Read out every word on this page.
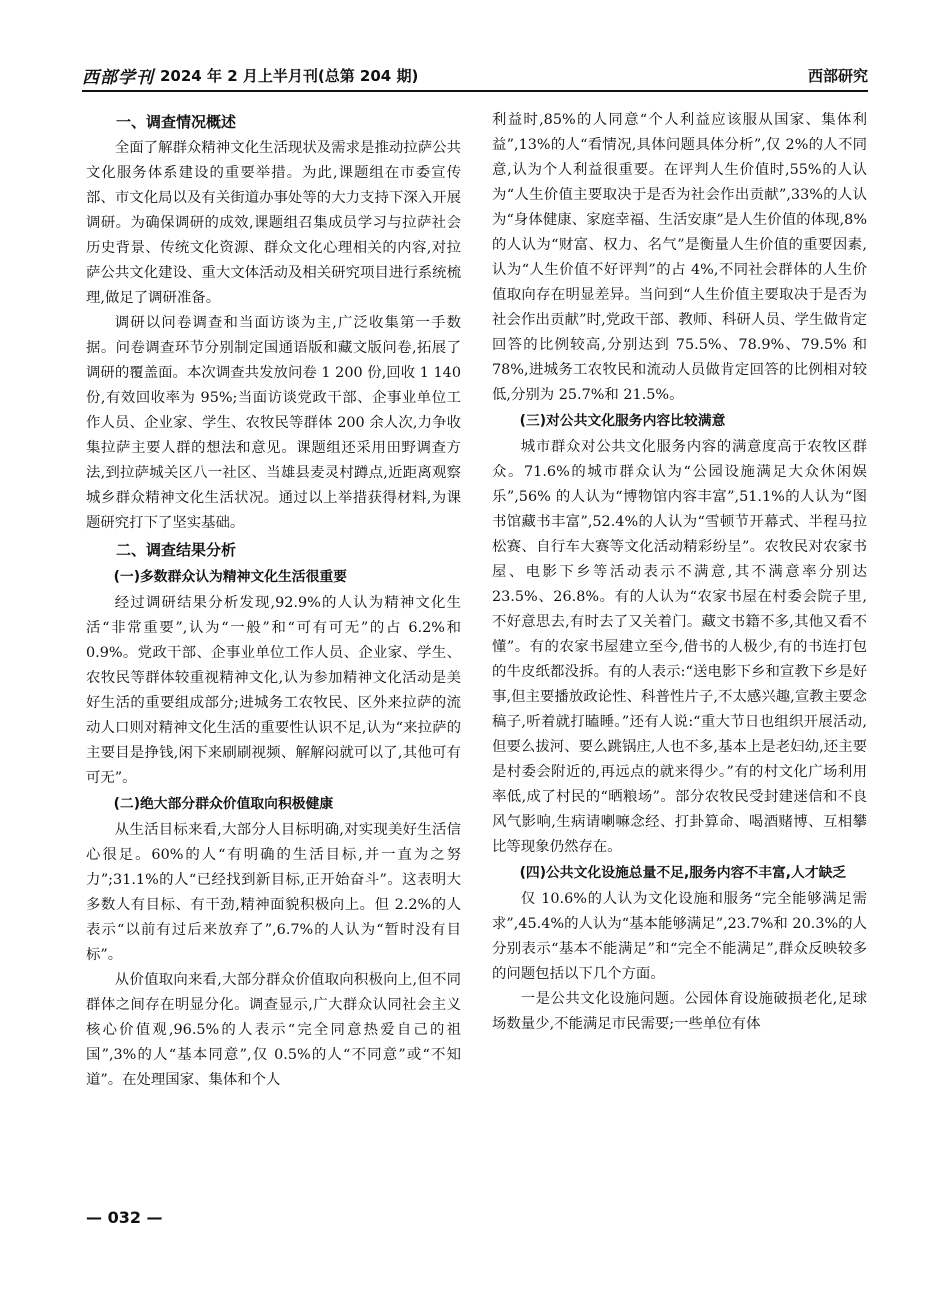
西部学刊 2024 年 2 月上半月刊(总第 204 期)	西部研究
一、调查情况概述

全面了解群众精神文化生活现状及需求是推动拉萨公共文化服务体系建设的重要举措。为此,课题组在市委宣传部、市文化局以及有关街道办事处等的大力支持下深入开展调研。为确保调研的成效,课题组召集成员学习与拉萨社会历史背景、传统文化资源、群众文化心理相关的内容,对拉萨公共文化建设、重大文体活动及相关研究项目进行系统梳理,做足了调研准备。

调研以问卷调查和当面访谈为主,广泛收集第一手数据。问卷调查环节分别制定国通语版和藏文版问卷,拓展了调研的覆盖面。本次调查共发放问卷 1 200 份,回收 1 140 份,有效回收率为 95%;当面访谈党政干部、企事业单位工作人员、企业家、学生、农牧民等群体 200 余人次,力争收集拉萨主要人群的想法和意见。课题组还采用田野调查方法,到拉萨城关区八一社区、当雄县麦灵村蹲点,近距离观察城乡群众精神文化生活状况。通过以上举措获得材料,为课题研究打下了坚实基础。

二、调查结果分析
(一)多数群众认为精神文化生活很重要

经过调研结果分析发现,92.9%的人认为精神文化生活“非常重要”,认为“一般”和“可有可无”的占 6.2%和 0.9%。党政干部、企事业单位工作人员、企业家、学生、农牧民等群体较重视精神文化,认为参加精神文化活动是美好生活的重要组成部分;进城务工农牧民、区外来拉萨的流动人口则对精神文化生活的重要性认识不足,认为“来拉萨的主要目是挣钱,闲下来刷刷视频、解解闷就可以了,其他可有可无”。

(二)绝大部分群众价值取向积极健康

从生活目标来看,大部分人目标明确,对实现美好生活信心很足。60%的人“有明确的生活目标,并一直为之努力”;31.1%的人“已经找到新目标,正开始奋斗”。这表明大多数人有目标、有干劲,精神面貌积极向上。但 2.2%的人表示“以前有过后来放弃了”,6.7%的人认为“暂时没有目标”。

从价值取向来看,大部分群众价值取向积极向上,但不同群体之间存在明显分化。调查显示,广大群众认同社会主义核心价值观,96.5%的人表示“完全同意热爱自己的祖国”,3%的人“基本同意”,仅 0.5%的人“不同意”或“不知道”。在处理国家、集体和个人

利益时,85%的人同意“个人利益应该服从国家、集体利益”,13%的人“看情况,具体问题具体分析”,仅 2%的人不同意,认为个人利益很重要。在评判人生价值时,55%的人认为“人生价值主要取决于是否为社会作出贡献”,33%的人认为“身体健康、家庭幸福、生活安康”是人生价值的体现,8%的人认为“财富、权力、名气”是衡量人生价值的重要因素,认为“人生价值不好评判”的占 4%,不同社会群体的人生价值取向存在明显差异。当问到“人生价值主要取决于是否为社会作出贡献”时,党政干部、教师、科研人员、学生做肯定回答的比例较高,分别达到 75.5%、78.9%、79.5% 和 78%,进城务工农牧民和流动人员做肯定回答的比例相对较低,分别为 25.7%和 21.5%。

(三)对公共文化服务内容比较满意

城市群众对公共文化服务内容的满意度高于农牧区群众。71.6%的城市群众认为“公园设施满足大众休闲娱乐”,56% 的人认为“博物馆内容丰富”,51.1%的人认为“图书馆藏书丰富”,52.4%的人认为“雪顿节开幕式、半程马拉松赛、自行车大赛等文化活动精彩纷呈”。农牧民对农家书屋、电影下乡等活动表示不满意,其不满意率分别达 23.5%、26.8%。有的人认为“农家书屋在村委会院子里,不好意思去,有时去了又关着门。藏文书籍不多,其他又看不懂”。有的农家书屋建立至今,借书的人极少,有的书连打包的牛皮纸都没拆。有的人表示:“送电影下乡和宣教下乡是好事,但主要播放政论性、科普性片子,不太感兴趣,宣教主要念稿子,听着就打瞌睡。”还有人说:“重大节日也组织开展活动,但要么拔河、要么跳锅庄,人也不多,基本上是老妇幼,还主要是村委会附近的,再远点的就来得少。”有的村文化广场利用率低,成了村民的“晒粮场”。部分农牧民受封建迷信和不良风气影响,生病请喇嘛念经、打卦算命、喝酒赌博、互相攀比等现象仍然存在。

(四)公共文化设施总量不足,服务内容不丰富,人才缺乏

仅 10.6%的人认为文化设施和服务“完全能够满足需求”,45.4%的人认为“基本能够满足”,23.7%和 20.3%的人分别表示“基本不能满足”和“完全不能满足”,群众反映较多的问题包括以下几个方面。

一是公共文化设施问题。公园体育设施破损老化,足球场数量少,不能满足市民需要;一些单位有体

— 032 —
